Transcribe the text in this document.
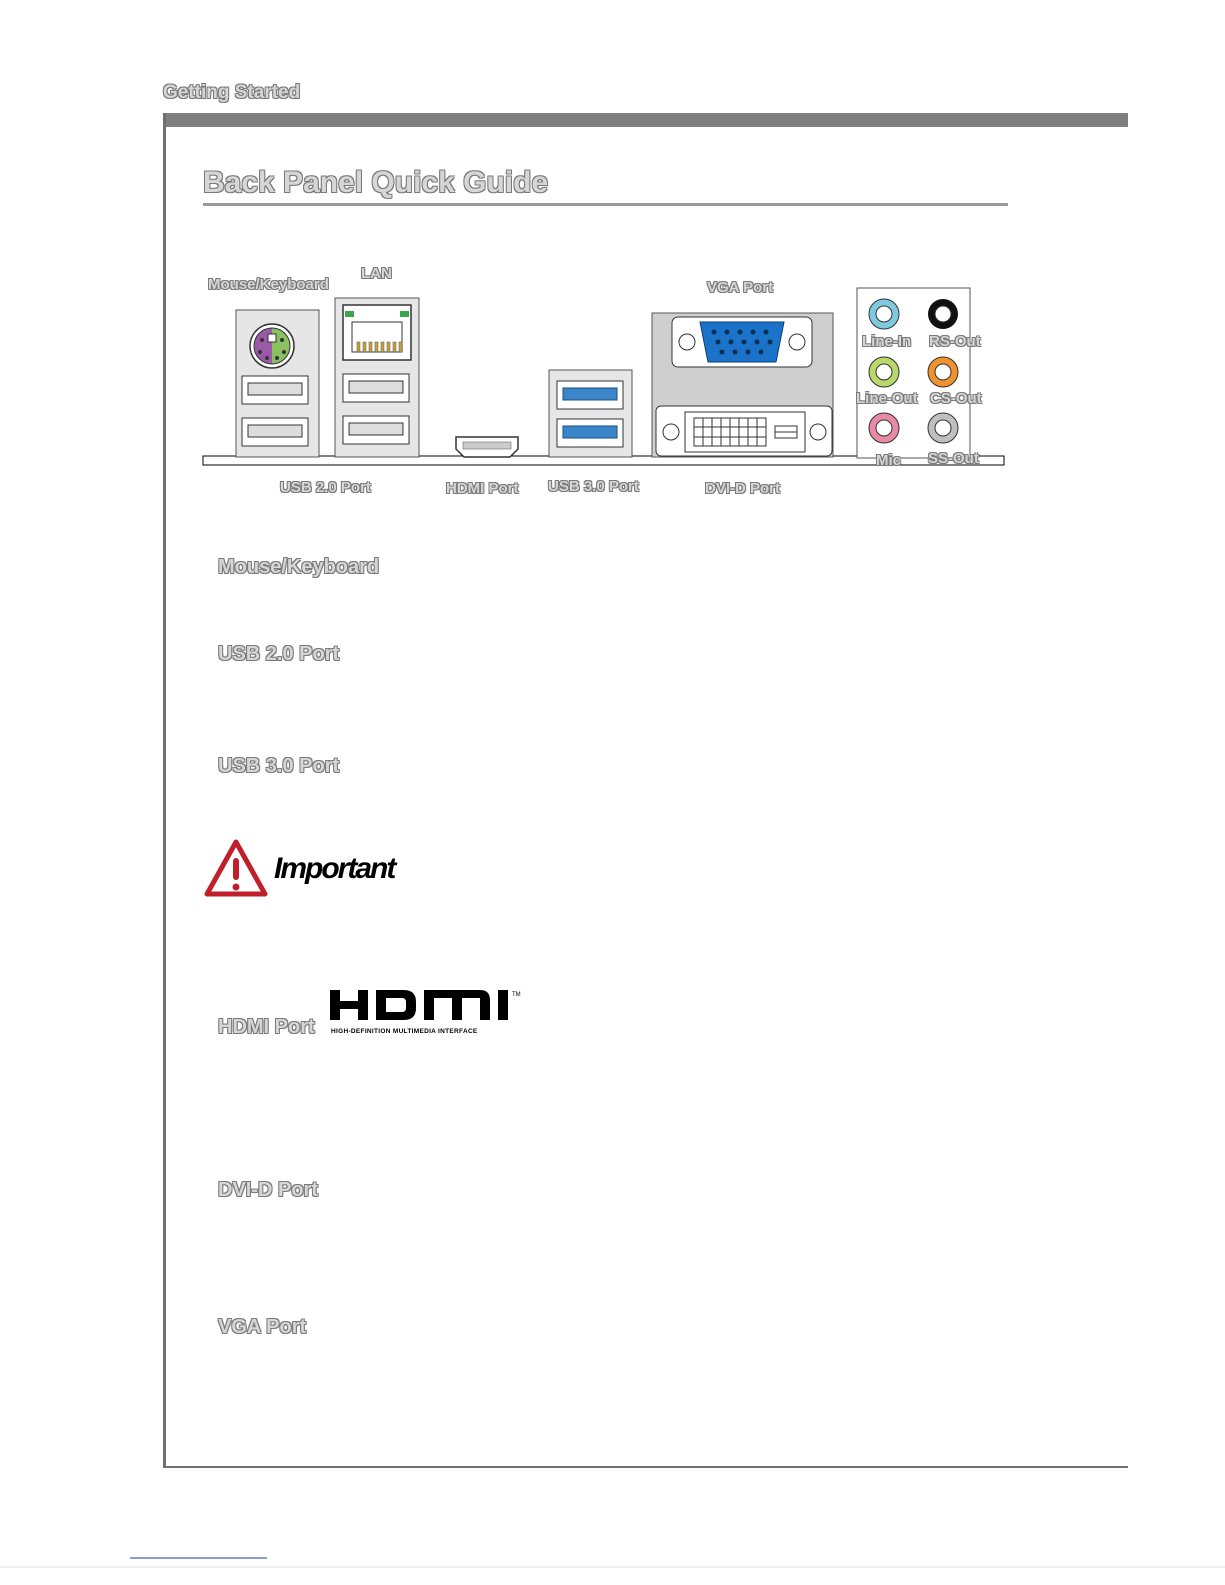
Getting Started
Back Panel Quick Guide
Mouse/Keyboard
LAN
VGA Port
USB 2.0 Port	HDMI Port USB 3.0 Port	DVI-D Port
Line-In RS-Out
Line-Out CS-Out
Mic SS-Out
Mouse/Keyboard
USB 2.0 Port
USB 3.0 Port
Important
HDMI Port
TM
HIGH-DEFINITION MULTIMEDIA INTERFACE
DVI-D Port
VGA Port
